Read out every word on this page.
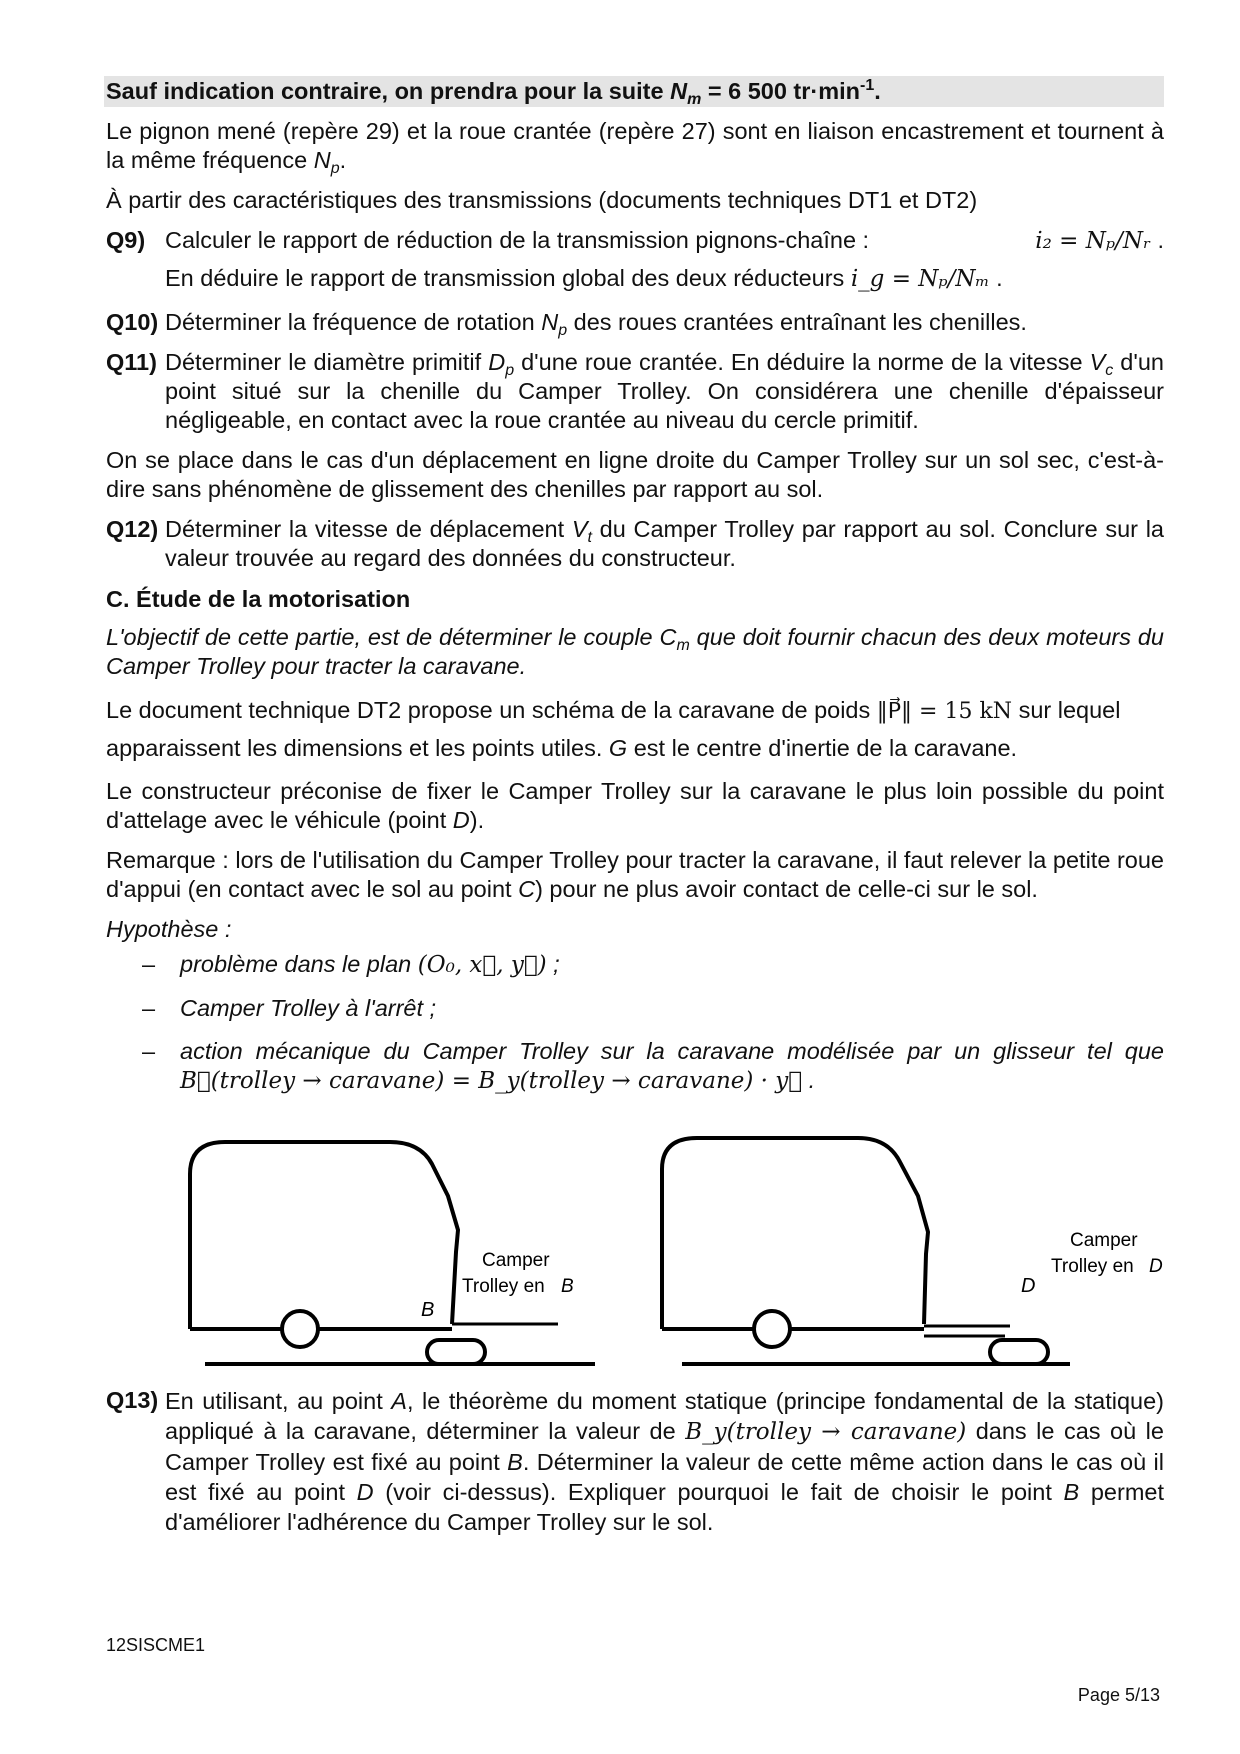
Sauf indication contraire, on prendra pour la suite $N_m = 6$ 500 $tr\cdot\min^{-1}$.

Le pignon mené (repère 29) et la roue crantée (repère 27) sont en liaison encastrement et tournent à la même fréquence $N_p$.

À partir des caractéristiques des transmissions (documents techniques DT1 et DT2)

Q9) Calculer le rapport de réduction de la transmission pignons-chaîne :	i₂ = Nₚ/Nᵣ .

En déduire le rapport de transmission global des deux réducteurs i_g = Nₚ/Nₘ .

Q10) Déterminer la fréquence de rotation $N_p$ des roues crantées entraînant les chenilles.
Q11) Déterminer le diamètre primitif $D_p$ d'une roue crantée. En déduire la norme de la vitesse $V_c$ d'un point situé sur la chenille du Camper Trolley. On considérera une chenille d'épaisseur négligeable, en contact avec la roue crantée au niveau du cercle primitif.

On se place dans le cas d'un déplacement en ligne droite du Camper Trolley sur un sol sec, c'est-à-dire sans phénomène de glissement des chenilles par rapport au sol.

Q12) Déterminer la vitesse de déplacement $V_t$ du Camper Trolley par rapport au sol. Conclure sur la valeur trouvée au regard des données du constructeur.

C. Étude de la motorisation

L'objectif de cette partie, est de déterminer le couple $C_m$ que doit fournir chacun des deux moteurs du Camper Trolley pour tracter la caravane.

Le document technique DT2 propose un schéma de la caravane de poids ‖P⃗‖ = 15 kN sur lequel
apparaissent les dimensions et les points utiles. G est le centre d'inertie de la caravane.

Le constructeur préconise de fixer le Camper Trolley sur la caravane le plus loin possible du point d'attelage avec le véhicule (point D).

Remarque : lors de l'utilisation du Camper Trolley pour tracter la caravane, il faut relever la petite roue d'appui (en contact avec le sol au point C) pour ne plus avoir contact de celle-ci sur le sol.

Hypothèse :

–	problème dans le plan (O₀, x⃗, y⃗) ;
–	Camper Trolley à l'arrêt ;
–	action mécanique du Camper Trolley sur la caravane modélisée par un glisseur tel que B⃗(trolley → caravane) = B_y(trolley → caravane) · y⃗ .
B
Camper
Trolley en B	D
Camper
Trolley en D
Q13) En utilisant, au point A, le théorème du moment statique (principe fondamental de la statique) appliqué à la caravane, déterminer la valeur de B_y(trolley → caravane) dans le cas où le Camper Trolley est fixé au point B. Déterminer la valeur de cette même action dans le cas où il est fixé au point D (voir ci-dessus). Expliquer pourquoi le fait de choisir le point B permet d'améliorer l'adhérence du Camper Trolley sur le sol.
12SISCME1
Page 5/13
